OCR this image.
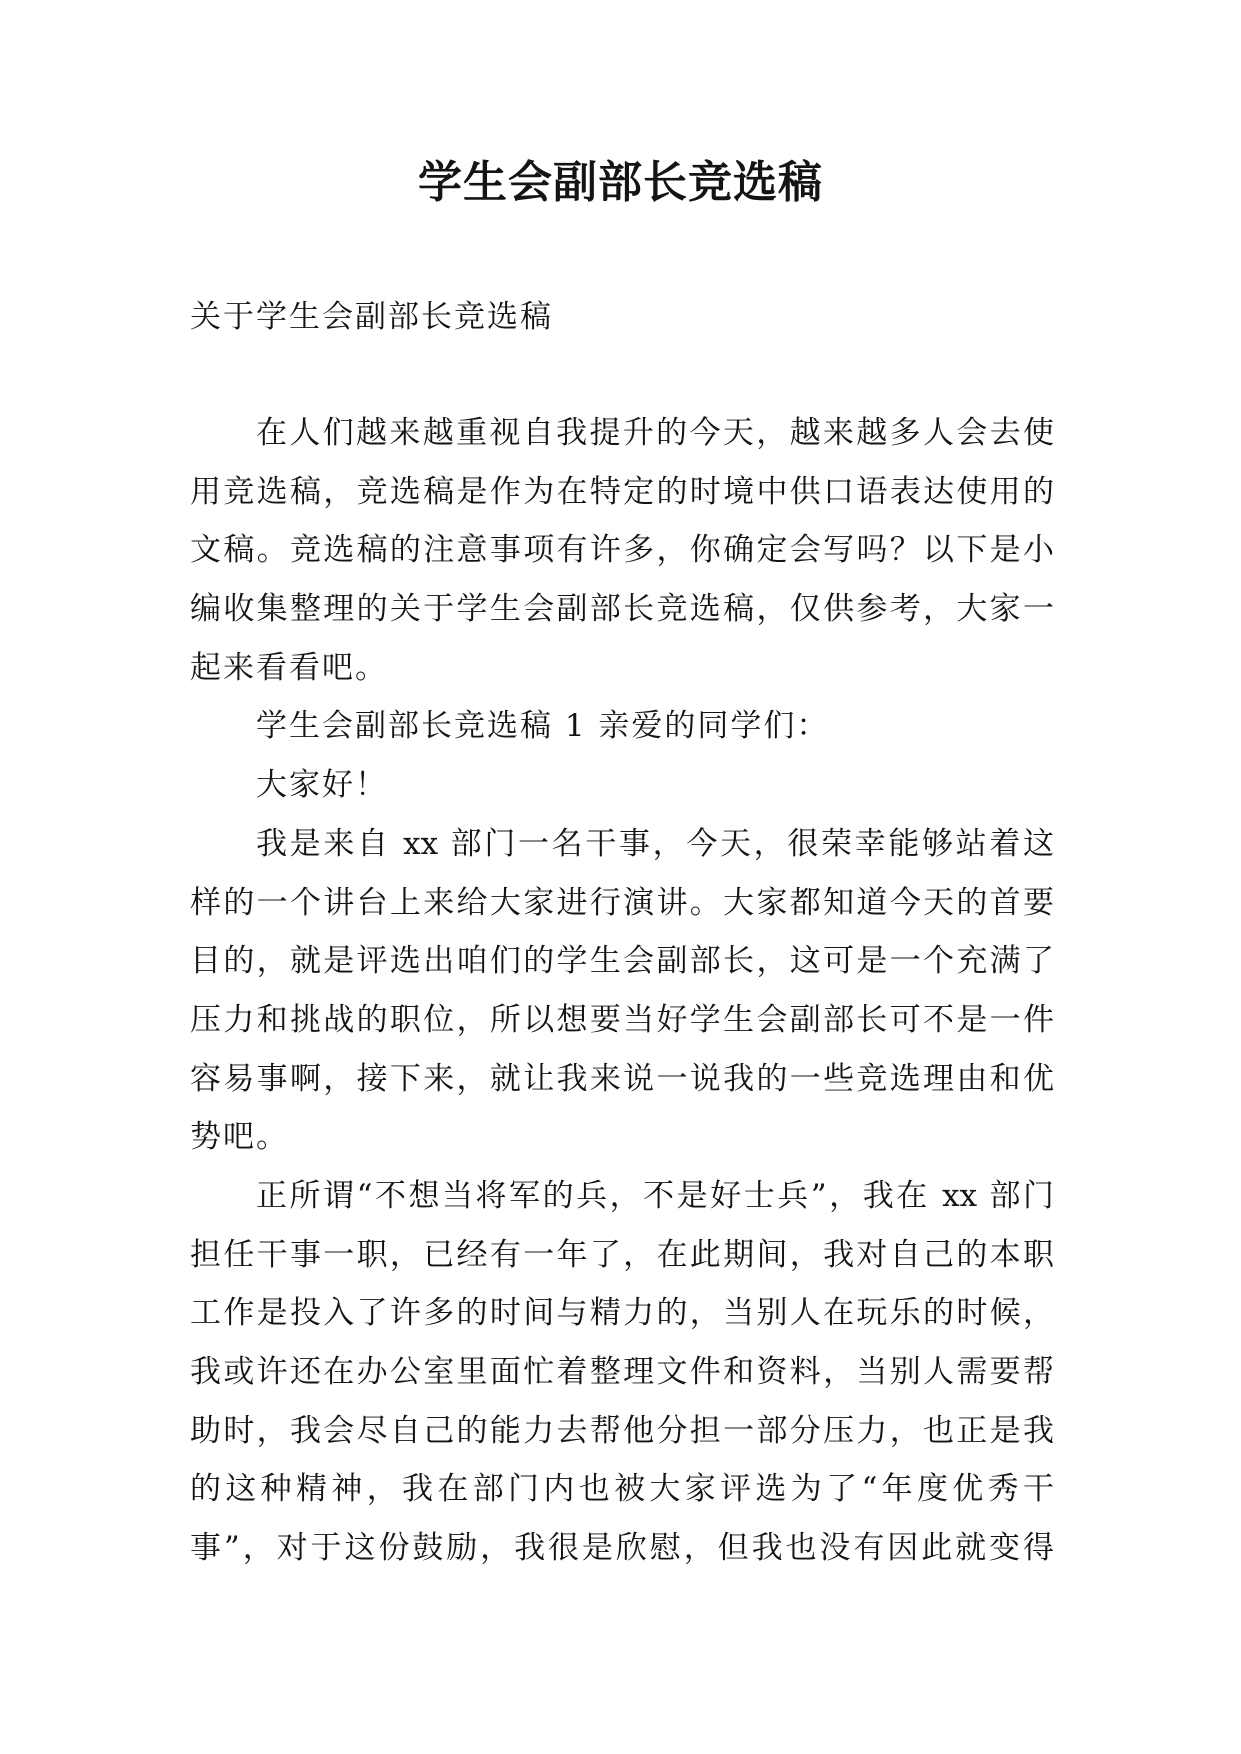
学生会副部长竞选稿
关于学生会副部长竞选稿
在人们越来越重视自我提升的今天，越来越多人会去使
用竞选稿，竞选稿是作为在特定的时境中供口语表达使用的
文稿。竞选稿的注意事项有许多，你确定会写吗？以下是小
编收集整理的关于学生会副部长竞选稿，仅供参考，大家一
起来看看吧。
学生会副部长竞选稿 1 亲爱的同学们：
大家好！
我是来自 xx 部门一名干事，今天，很荣幸能够站着这
样的一个讲台上来给大家进行演讲。大家都知道今天的首要
目的，就是评选出咱们的学生会副部长，这可是一个充满了
压力和挑战的职位，所以想要当好学生会副部长可不是一件
容易事啊，接下来，就让我来说一说我的一些竞选理由和优
势吧。
正所谓“不想当将军的兵，不是好士兵”，我在 xx 部门
担任干事一职，已经有一年了，在此期间，我对自己的本职
工作是投入了许多的时间与精力的，当别人在玩乐的时候，
我或许还在办公室里面忙着整理文件和资料，当别人需要帮
助时，我会尽自己的能力去帮他分担一部分压力，也正是我
的这种精神，我在部门内也被大家评选为了“年度优秀干
事”，对于这份鼓励，我很是欣慰，但我也没有因此就变得
